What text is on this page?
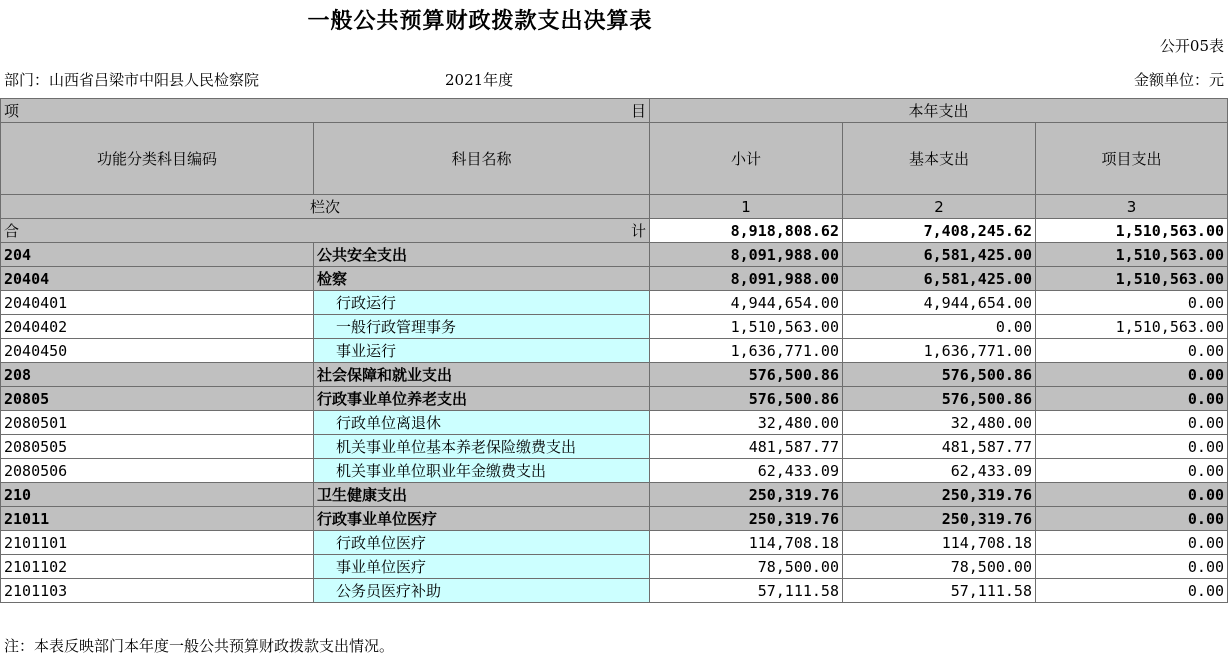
一般公共预算财政拨款支出决算表
公开05表
部门：山西省吕梁市中阳县人民检察院	2021年度	金额单位：元
项 目		本年支出		
功能分类科目编码	科目名称	小计	基本支出	项目支出
栏次		1	2	3

合 计		8,918,808.62	7,408,245.62	1,510,563.00
204	公共安全支出	8,091,988.00	6,581,425.00	1,510,563.00
20404	检察	8,091,988.00	6,581,425.00	1,510,563.00
2040401	行政运行	4,944,654.00	4,944,654.00	0.00
2040402	一般行政管理事务	1,510,563.00	0.00	1,510,563.00
2040450	事业运行	1,636,771.00	1,636,771.00	0.00
208	社会保障和就业支出	576,500.86	576,500.86	0.00
20805	行政事业单位养老支出	576,500.86	576,500.86	0.00
2080501	行政单位离退休	32,480.00	32,480.00	0.00
2080505	机关事业单位基本养老保险缴费支出	481,587.77	481,587.77	0.00
2080506	机关事业单位职业年金缴费支出	62,433.09	62,433.09	0.00
210	卫生健康支出	250,319.76	250,319.76	0.00
21011	行政事业单位医疗	250,319.76	250,319.76	0.00
2101101	行政单位医疗	114,708.18	114,708.18	0.00
2101102	事业单位医疗	78,500.00	78,500.00	0.00
2101103	公务员医疗补助	57,111.58	57,111.58	0.00
注：本表反映部门本年度一般公共预算财政拨款支出情况。
